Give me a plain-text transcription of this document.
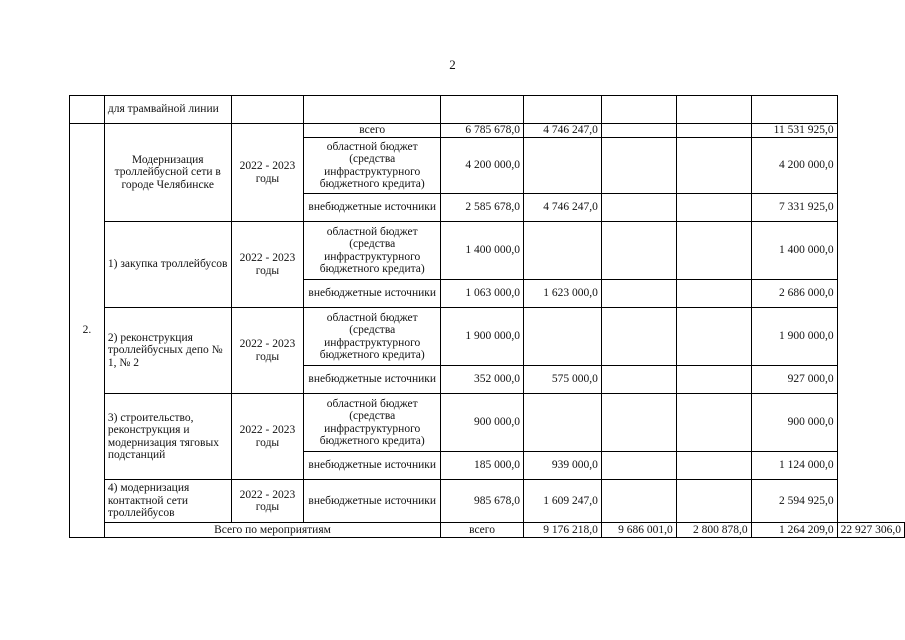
2
	для трамвайной линии								
2.	Модернизация троллейбусной сети в городе Челябинске	2022 - 2023 годы	всего	6 785 678,0	4 746 247,0			11 531 925,0	
			областной бюджет (средства инфраструктурного бюджетного кредита)	4 200 000,0				4 200 000,0	
			внебюджетные источники	2 585 678,0	4 746 247,0			7 331 925,0	
	1) закупка троллейбусов	2022 - 2023 годы	областной бюджет (средства инфраструктурного бюджетного кредита)	1 400 000,0				1 400 000,0	
			внебюджетные источники	1 063 000,0	1 623 000,0			2 686 000,0	
	2) реконструкция троллейбусных депо № 1, № 2	2022 - 2023 годы	областной бюджет (средства инфраструктурного бюджетного кредита)	1 900 000,0				1 900 000,0	
			внебюджетные источники	352 000,0	575 000,0			927 000,0	
	3) строительство, реконструкция и модернизация тяговых подстанций	2022 - 2023 годы	областной бюджет (средства инфраструктурного бюджетного кредита)	900 000,0				900 000,0	
			внебюджетные источники	185 000,0	939 000,0			1 124 000,0	
	4) модернизация контактной сети троллейбусов	2022 - 2023 годы	внебюджетные источники	985 678,0	1 609 247,0			2 594 925,0	
	Всего по мероприятиям			всего	9 176 218,0	9 686 001,0	2 800 878,0	1 264 209,0	22 927 306,0
